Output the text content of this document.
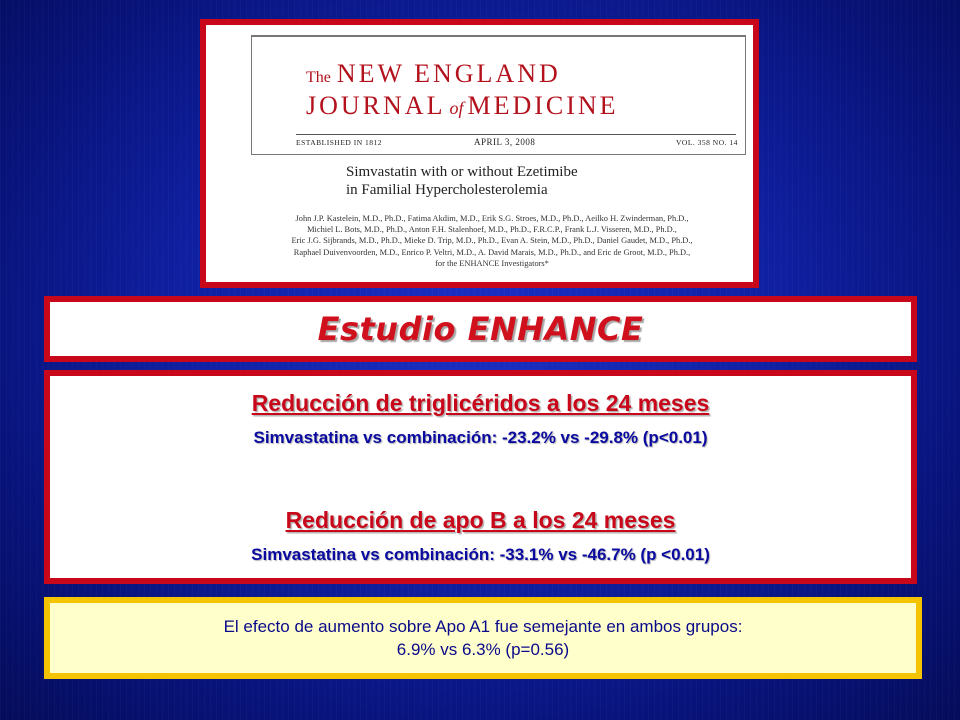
The NEW ENGLAND
JOURNAL of MEDICINE
ESTABLISHED IN 1812	APRIL 3, 2008	VOL. 358 NO. 14
Simvastatin with or without Ezetimibe
in Familial Hypercholesterolemia
John J.P. Kastelein, M.D., Ph.D., Fatima Akdim, M.D., Erik S.G. Stroes, M.D., Ph.D., Aeilko H. Zwinderman, Ph.D.,
Michiel L. Bots, M.D., Ph.D., Anton F.H. Stalenhoef, M.D., Ph.D., F.R.C.P., Frank L.J. Visseren, M.D., Ph.D.,
Eric J.G. Sijbrands, M.D., Ph.D., Mieke D. Trip, M.D., Ph.D., Evan A. Stein, M.D., Ph.D., Daniel Gaudet, M.D., Ph.D.,
Raphael Duivenvoorden, M.D., Enrico P. Veltri, M.D., A. David Marais, M.D., Ph.D., and Eric de Groot, M.D., Ph.D.,
for the ENHANCE Investigators*
Estudio ENHANCE
Reducción de triglicéridos a los 24 meses
Simvastatina vs combinación: -23.2% vs -29.8% (p<0.01)
Reducción de apo B a los 24 meses
Simvastatina vs combinación: -33.1% vs -46.7% (p <0.01)
El efecto de aumento sobre Apo A1 fue semejante en ambos grupos:
6.9% vs 6.3% (p=0.56)
